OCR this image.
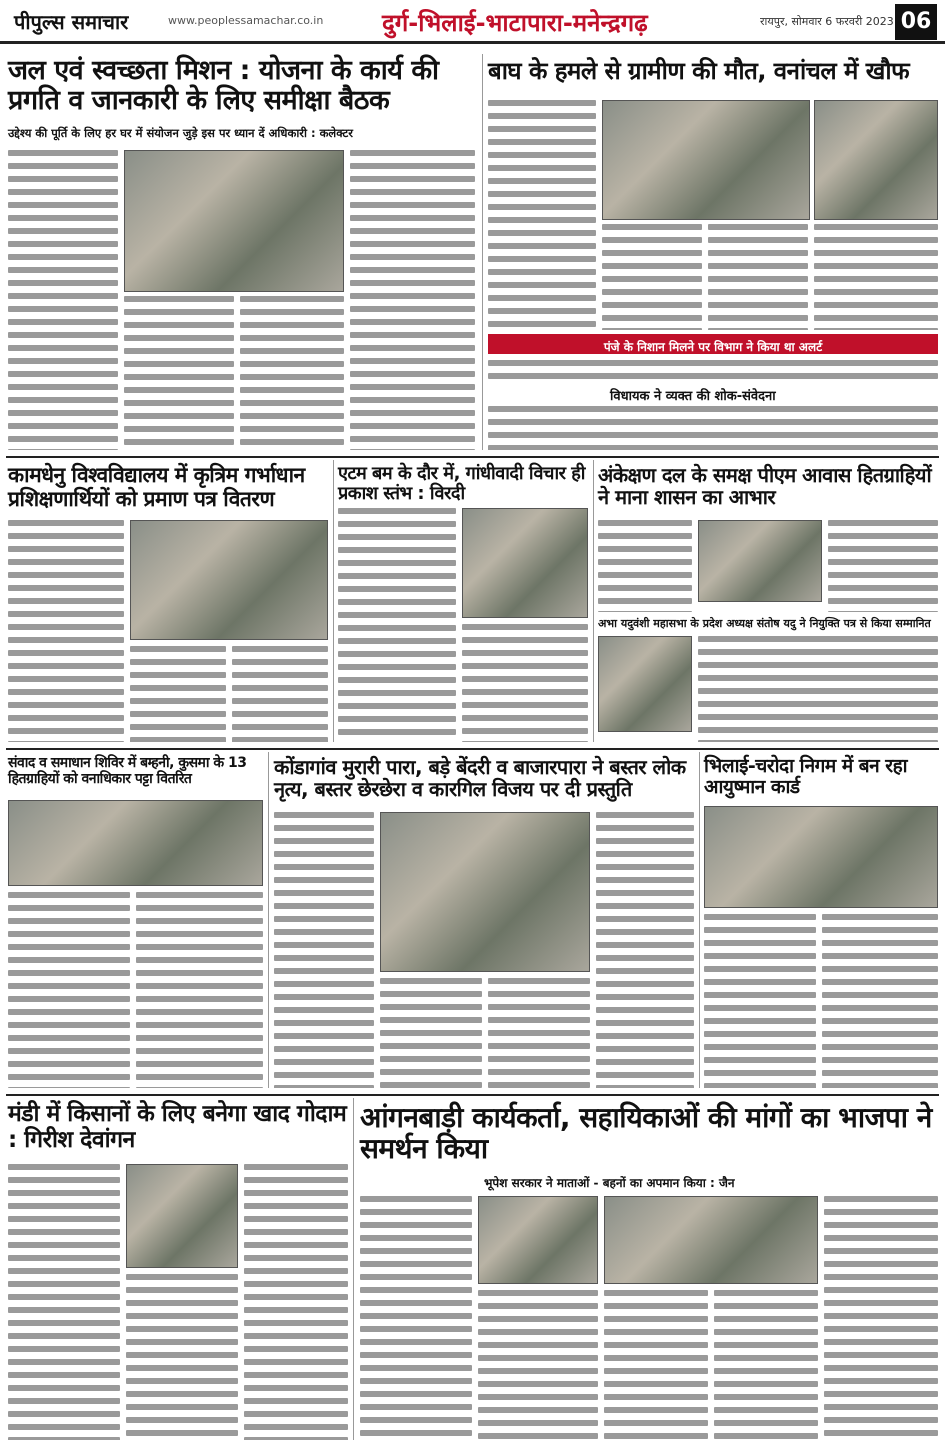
पीपुल्स समाचार	www.peoplessamachar.co.in दुर्ग-भिलाई-भाटापारा-मनेन्द्रगढ़	रायपुर, सोमवार 6 फरवरी 2023 06
जल एवं स्वच्छता मिशन : योजना के कार्य की प्रगति व जानकारी के लिए समीक्षा बैठक
उद्देश्य की पूर्ति के लिए हर घर में संयोजन जुड़े इस पर ध्यान दें अधिकारी : कलेक्टर
बाघ के हमले से ग्रामीण की मौत, वनांचल में खौफ
पंजे के निशान मिलने पर विभाग ने किया था अलर्ट
विधायक ने व्यक्त की शोक-संवेदना
कामधेनु विश्वविद्यालय में कृत्रिम गर्भाधान प्रशिक्षणार्थियों को प्रमाण पत्र वितरण
एटम बम के दौर में, गांधीवादी विचार ही प्रकाश स्तंभ : विरदी
अंकेक्षण दल के समक्ष पीएम आवास हितग्राहियों ने माना शासन का आभार
अभा यदुवंशी महासभा के प्रदेश अध्यक्ष संतोष यदु ने नियुक्ति पत्र से किया सम्मानित
संवाद व समाधान शिविर में बम्हनी, कुसमा के 13 हितग्राहियों को वनाधिकार पट्टा वितरित	कोंडागांव मुरारी पारा, बड़े बेंदरी व बाजारपारा ने बस्तर लोक नृत्य, बस्तर छेरछेरा व कारगिल विजय पर दी प्रस्तुति
भिलाई-चरोदा निगम में बन रहा आयुष्मान कार्ड
मंडी में किसानों के लिए बनेगा खाद गोदाम : गिरीश देवांगन
आंगनबाड़ी कार्यकर्ता, सहायिकाओं की मांगों का भाजपा ने समर्थन किया
भूपेश सरकार ने माताओं - बहनों का अपमान किया : जैन
